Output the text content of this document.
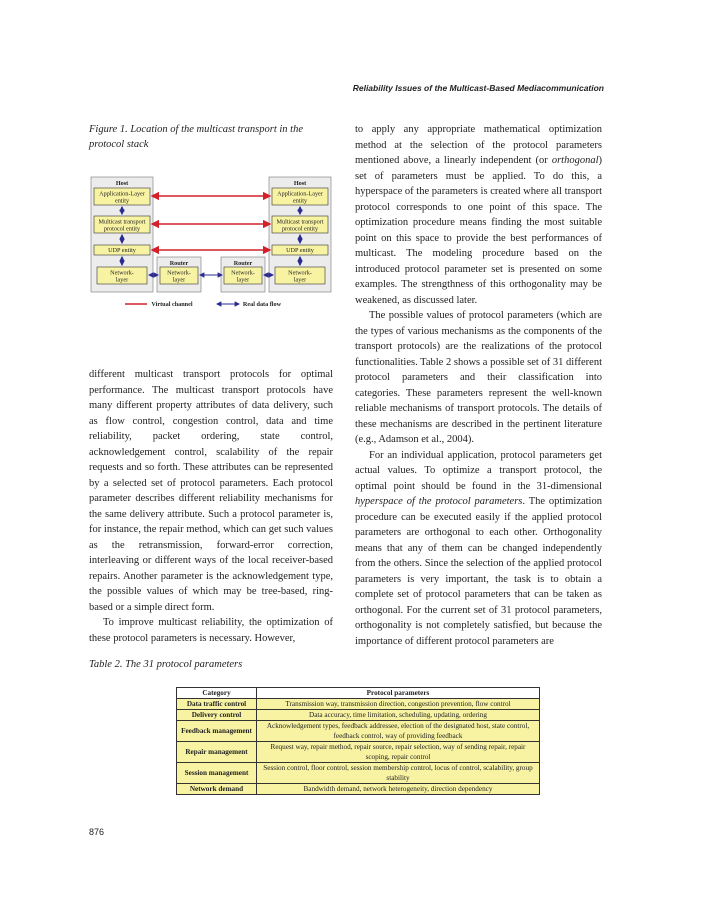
Reliability Issues of the Multicast-Based Mediacommunication
Figure 1. Location of the multicast transport in the protocol stack
Host	Host
Router	Router
Application-Layer
entity
Multicast transport
protocol entity
UDP entity
Network-
layer
Application-Layer
entity
Multicast transport
protocol entity
UDP entity
Network-
layer
Network-
layer
Network-
layer
Virtual channel	Real data flow

different multicast transport protocols for optimal performance. The multicast transport protocols have many different property attributes of data delivery, such as flow control, congestion control, data and time reliability, packet ordering, state control, acknowledgement control, scalability of the repair requests and so forth. These attributes can be represented by a selected set of protocol parameters. Each protocol parameter describes different reliability mechanisms for the same delivery attribute. Such a protocol parameter is, for instance, the repair method, which can get such values as the retransmission, forward-error correction, interleaving or different ways of the local receiver-based repairs. Another parameter is the acknowledgement type, the possible values of which may be tree-based, ring-based or a simple direct form.

To improve multicast reliability, the optimization of these protocol parameters is necessary. However,

to apply any appropriate mathematical optimization method at the selection of the protocol parameters mentioned above, a linearly independent (or orthogonal) set of parameters must be applied. To do this, a hyperspace of the parameters is created where all transport protocol corresponds to one point of this space. The optimization procedure means finding the most suitable point on this space to provide the best performances of multicast. The modeling procedure based on the introduced protocol parameter set is presented on some examples. The strengthness of this orthogonality may be weakened, as discussed later.

The possible values of protocol parameters (which are the types of various mechanisms as the components of the transport protocols) are the realizations of the protocol functionalities. Table 2 shows a possible set of 31 different protocol parameters and their classification into categories. These parameters represent the well-known reliable mechanisms of transport protocols. The details of these mechanisms are described in the pertinent literature (e.g., Adamson et al., 2004).

For an individual application, protocol parameters get actual values. To optimize a transport protocol, the optimal point should be found in the 31-dimensional hyperspace of the protocol parameters. The optimization procedure can be executed easily if the applied protocol parameters are orthogonal to each other. Orthogonality means that any of them can be changed independently from the others. Since the selection of the applied protocol parameters is very important, the task is to obtain a complete set of protocol parameters that can be taken as orthogonal. For the current set of 31 protocol parameters, orthogonality is not completely satisfied, but because the importance of different protocol parameters are

Table 2. The 31 protocol parameters
Category	Protocol parameters
Data traffic control	Transmission way, transmission direction, congestion prevention, flow control
Delivery control	Data accuracy, time limitation, scheduling, updating, ordering
Feedback management	Acknowledgement types, feedback addressee, election of the designated host, state control, feedback control, way of providing feedback
Repair management	Request way, repair method, repair source, repair selection, way of sending repair, repair scoping, repair control
Session management	Session control, floor control, session membership control, locus of control, scalability, group stability
Network demand	Bandwidth demand, network heterogeneity, direction dependency
876
